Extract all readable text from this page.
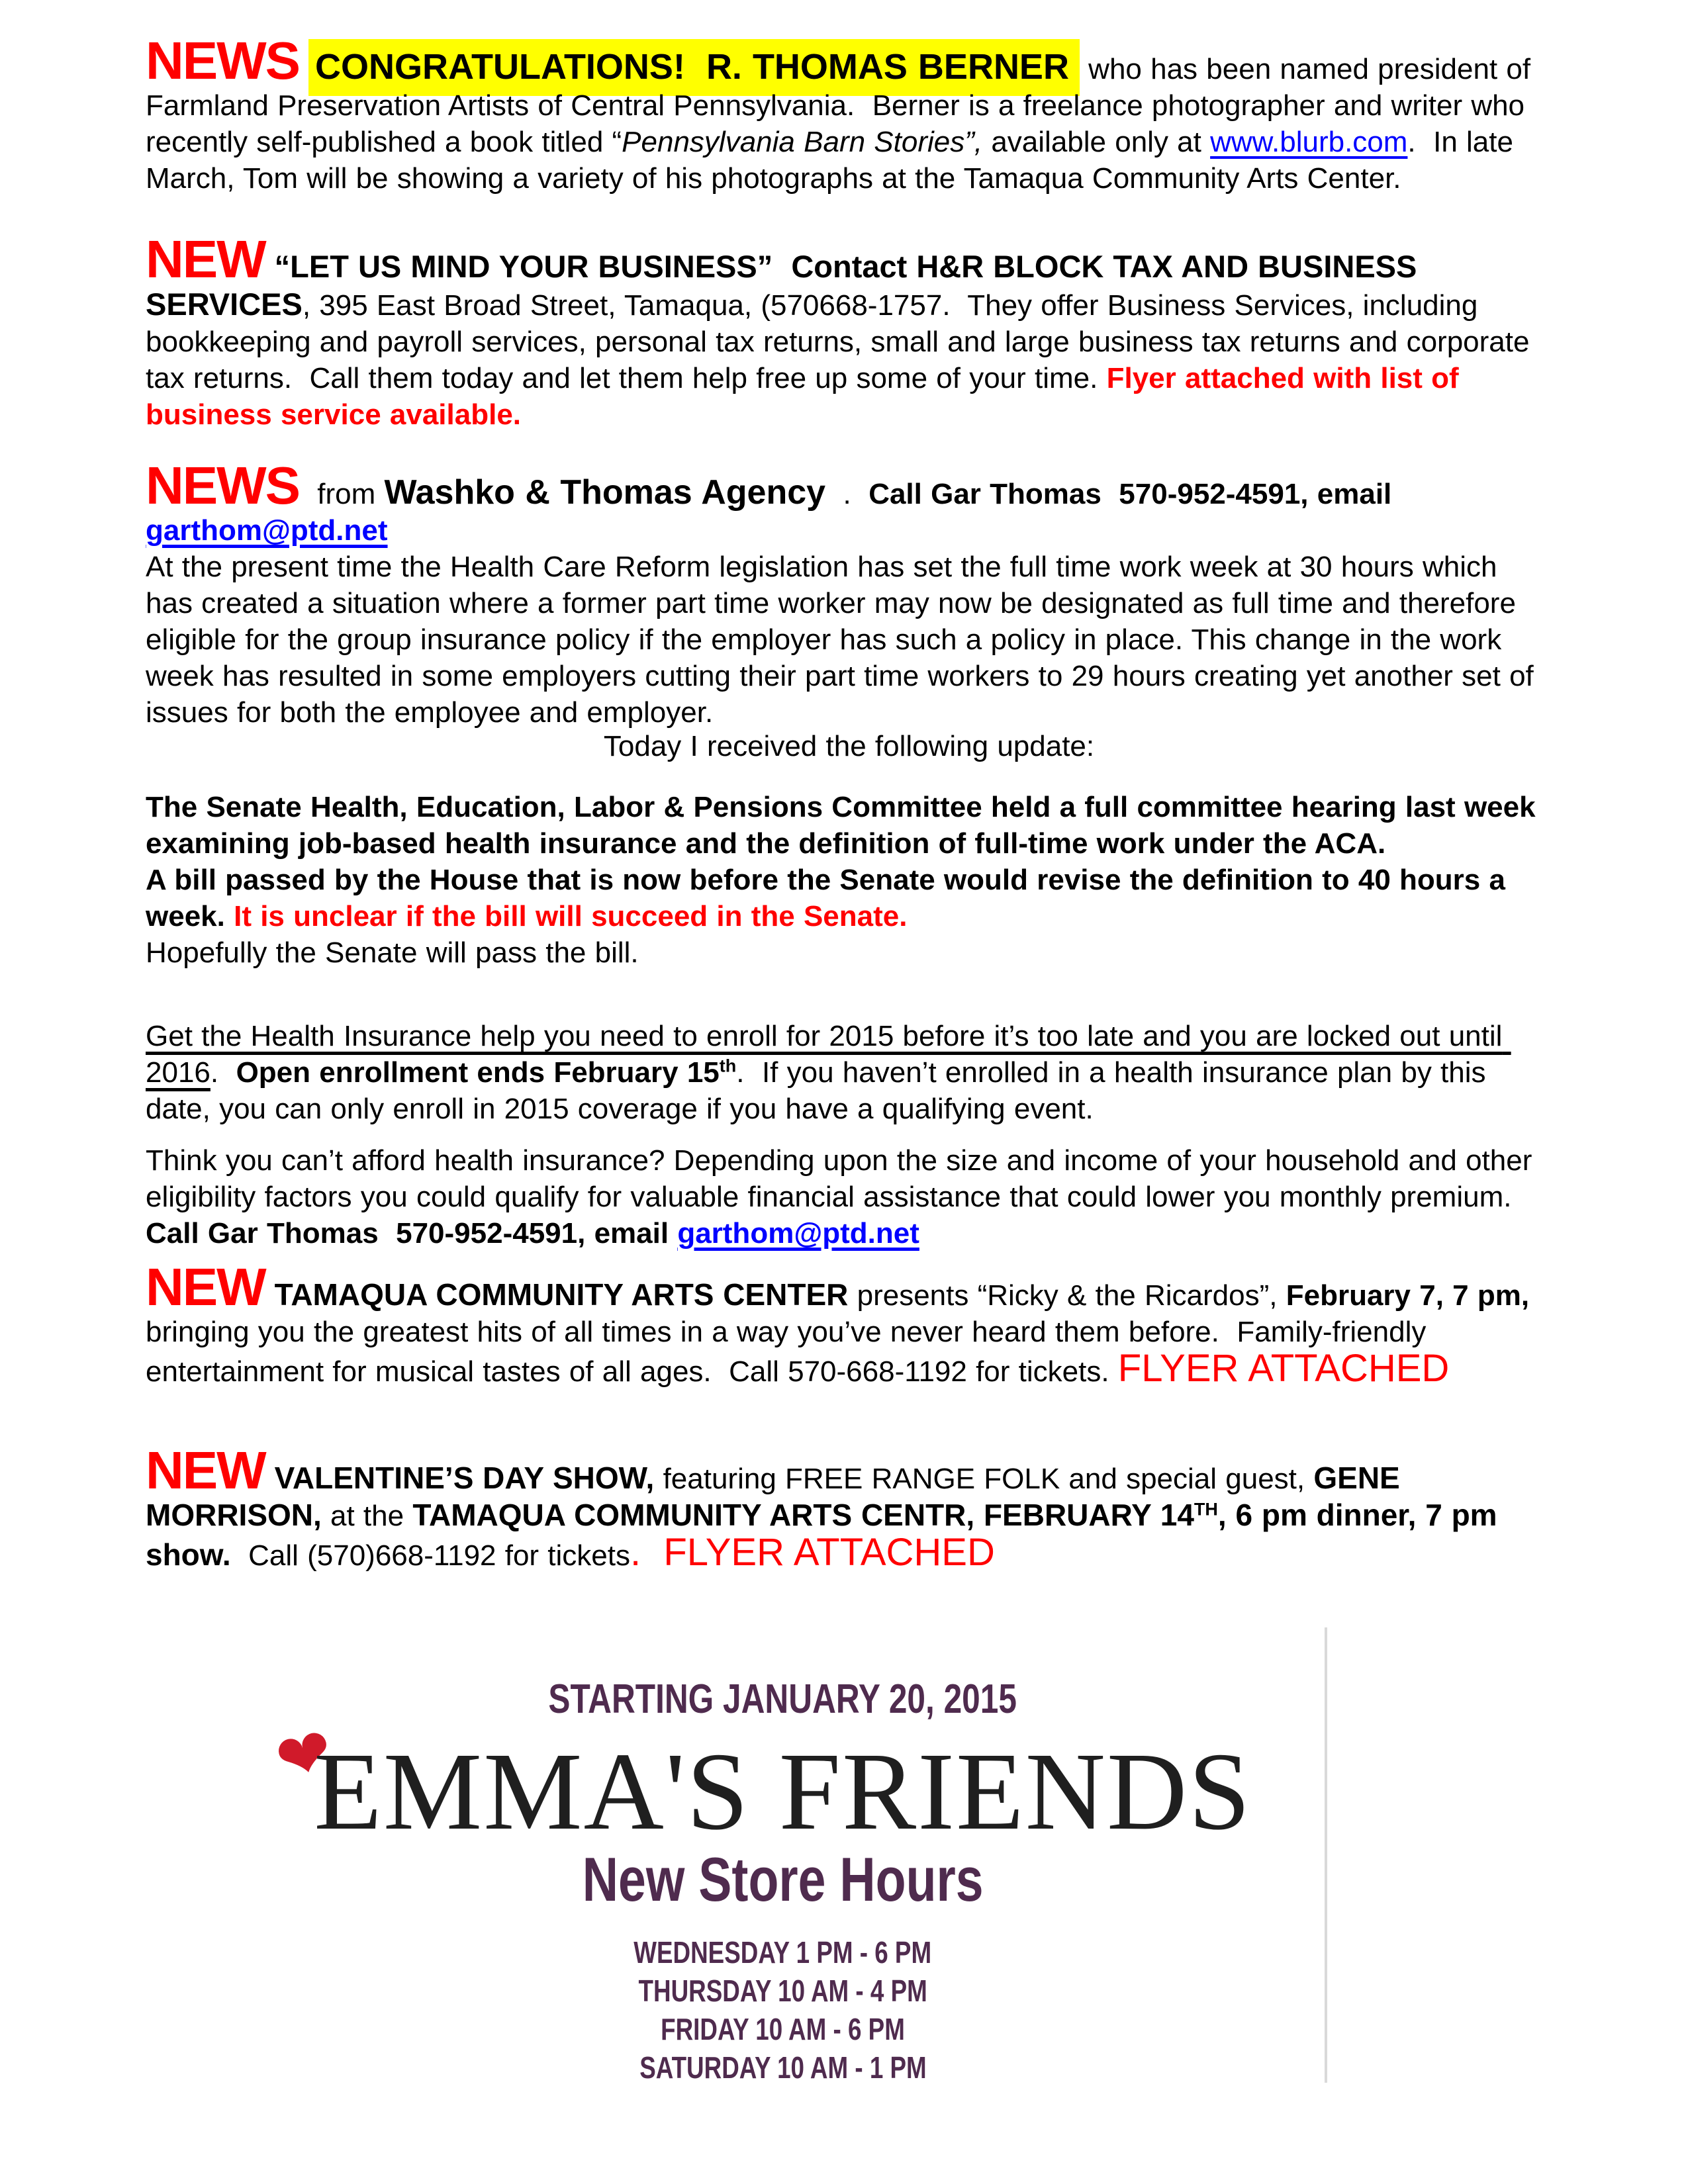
NEWS CONGRATULATIONS!  R. THOMAS BERNER who has been named president of Farmland Preservation Artists of Central Pennsylvania.  Berner is a freelance photographer and writer who recently self-published a book titled “Pennsylvania Barn Stories”, available only at www.blurb.com.  In late March, Tom will be showing a variety of his photographs at the Tamaqua Community Arts Center.

NEW “LET US MIND YOUR BUSINESS”  Contact H&R BLOCK TAX AND BUSINESS SERVICES, 395 East Broad Street, Tamaqua, (570668-1757.  They offer Business Services, including bookkeeping and payroll services, personal tax returns, small and large business tax returns and corporate tax returns.  Call them today and let them help free up some of your time. Flyer attached with list of business service available.

NEWS from Washko & Thomas Agency  .  Call Gar Thomas  570-952-4591, email
garthom@ptd.net
At the present time the Health Care Reform legislation has set the full time work week at 30 hours which has created a situation where a former part time worker may now be designated as full time and therefore eligible for the group insurance policy if the employer has such a policy in place. This change in the work week has resulted in some employers cutting their part time workers to 29 hours creating yet another set of issues for both the employee and employer.

Today I received the following update:

The Senate Health, Education, Labor & Pensions Committee held a full committee hearing last week examining job-based health insurance and the definition of full-time work under the ACA.
A bill passed by the House that is now before the Senate would revise the definition to 40 hours a week. It is unclear if the bill will succeed in the Senate.
Hopefully the Senate will pass the bill.

Get the Health Insurance help you need to enroll for 2015 before it’s too late and you are locked out until 2016.  Open enrollment ends February 15th.  If you haven’t enrolled in a health insurance plan by this date, you can only enroll in 2015 coverage if you have a qualifying event.

Think you can’t afford health insurance? Depending upon the size and income of your household and other eligibility factors you could qualify for valuable financial assistance that could lower you monthly premium.  Call Gar Thomas  570-952-4591, email garthom@ptd.net

NEW TAMAQUA COMMUNITY ARTS CENTER presents “Ricky & the Ricardos”, February 7, 7 pm, bringing you the greatest hits of all times in a way you’ve never heard them before.  Family-friendly entertainment for musical tastes of all ages.  Call 570-668-1192 for tickets. FLYER ATTACHED

NEW VALENTINE’S DAY SHOW, featuring FREE RANGE FOLK and special guest, GENE MORRISON, at the TAMAQUA COMMUNITY ARTS CENTR, FEBRUARY 14TH, 6 pm dinner, 7 pm show.  Call (570)668-1192 for tickets.  FLYER ATTACHED

STARTING JANUARY 20, 2015
❤
EMMA'S FRIENDS
New Store Hours
WEDNESDAY 1 PM - 6 PM
THURSDAY 10 AM - 4 PM
FRIDAY 10 AM - 6 PM
SATURDAY 10 AM - 1 PM
